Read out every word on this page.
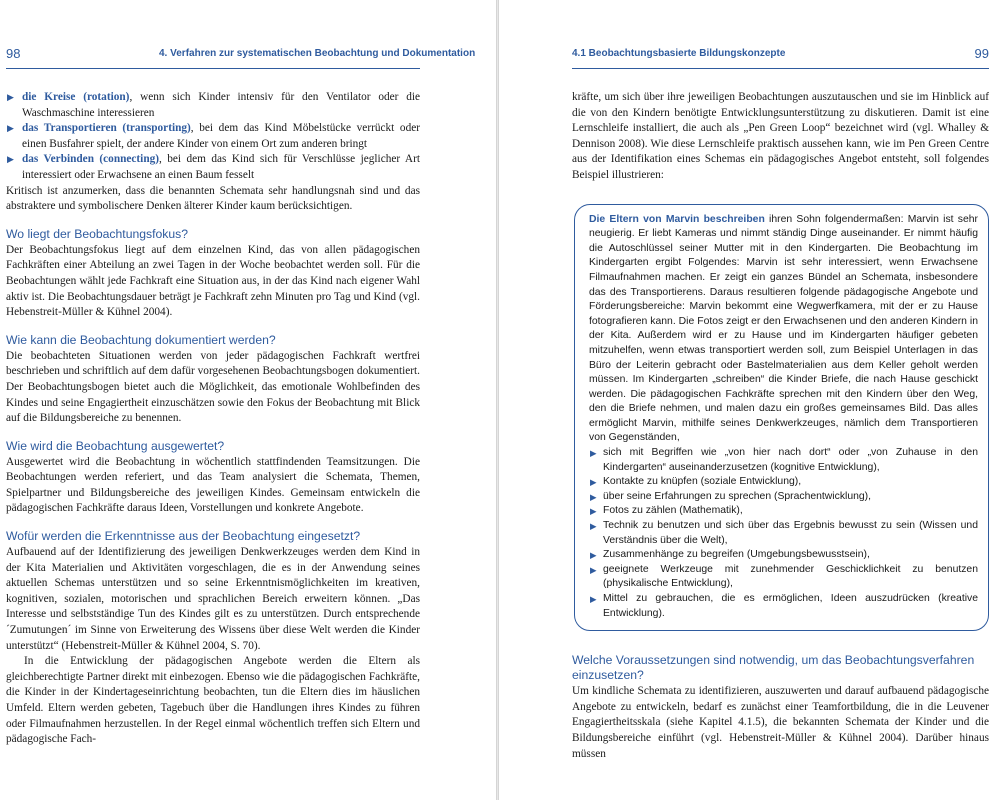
98	4. Verfahren zur systematischen Beobachtung und Dokumentation
▶ die Kreise (rotation), wenn sich Kinder intensiv für den Ventilator oder die Waschmaschine interessieren
▶ das Transportieren (transporting), bei dem das Kind Möbelstücke verrückt oder einen Busfahrer spielt, der andere Kinder von einem Ort zum anderen bringt
▶ das Verbinden (connecting), bei dem das Kind sich für Verschlüsse jeglicher Art interessiert oder Erwachsene an einen Baum fesselt

Kritisch ist anzumerken, dass die benannten Schemata sehr handlungsnah sind und das abstraktere und symbolischere Denken älterer Kinder kaum berücksichtigen.

Wo liegt der Beobachtungsfokus?

Der Beobachtungsfokus liegt auf dem einzelnen Kind, das von allen pädagogischen Fachkräften einer Abteilung an zwei Tagen in der Woche beobachtet werden soll. Für die Beobachtungen wählt jede Fachkraft eine Situation aus, in der das Kind nach eigener Wahl aktiv ist. Die Beobachtungsdauer beträgt je Fachkraft zehn Minuten pro Tag und Kind (vgl. Hebenstreit-Müller & Kühnel 2004).

Wie kann die Beobachtung dokumentiert werden?

Die beobachteten Situationen werden von jeder pädagogischen Fachkraft wertfrei beschrieben und schriftlich auf dem dafür vorgesehenen Beobachtungsbogen dokumentiert. Der Beobachtungsbogen bietet auch die Möglichkeit, das emotionale Wohlbefinden des Kindes und seine Engagiertheit einzuschätzen sowie den Fokus der Beobachtung mit Blick auf die Bildungsbereiche zu benennen.

Wie wird die Beobachtung ausgewertet?

Ausgewertet wird die Beobachtung in wöchentlich stattfindenden Teamsitzungen. Die Beobachtungen werden referiert, und das Team analysiert die Schemata, Themen, Spielpartner und Bildungsbereiche des jeweiligen Kindes. Gemeinsam entwickeln die pädagogischen Fachkräfte daraus Ideen, Vorstellungen und konkrete Angebote.

Wofür werden die Erkenntnisse aus der Beobachtung eingesetzt?

Aufbauend auf der Identifizierung des jeweiligen Denkwerkzeuges werden dem Kind in der Kita Materialien und Aktivitäten vorgeschlagen, die es in der Anwendung seines aktuellen Schemas unterstützen und so seine Erkenntnismöglichkeiten im kreativen, kognitiven, sozialen, motorischen und sprachlichen Bereich erweitern können. „Das Interesse und selbstständige Tun des Kindes gilt es zu unterstützen. Durch entsprechende ´Zumutungen´ im Sinne von Erweiterung des Wissens über diese Welt werden die Kinder unterstützt“ (Hebenstreit-Müller & Kühnel 2004, S. 70).

In die Entwicklung der pädagogischen Angebote werden die Eltern als gleichberechtigte Partner direkt mit einbezogen. Ebenso wie die pädagogischen Fachkräfte, die Kinder in der Kindertageseinrichtung beobachten, tun die Eltern dies im häuslichen Umfeld. Eltern werden gebeten, Tagebuch über die Handlungen ihres Kindes zu führen oder Filmaufnahmen herzustellen. In der Regel einmal wöchentlich treffen sich Eltern und pädagogische Fach-

4.1 Beobachtungsbasierte Bildungskonzepte	99

kräfte, um sich über ihre jeweiligen Beobachtungen auszutauschen und sie im Hinblick auf die von den Kindern benötigte Entwicklungsunterstützung zu diskutieren. Damit ist eine Lernschleife installiert, die auch als „Pen Green Loop“ bezeichnet wird (vgl. Whalley & Dennison 2008). Wie diese Lernschleife praktisch aussehen kann, wie im Pen Green Centre aus der Identifikation eines Schemas ein pädagogisches Angebot entsteht, soll folgendes Beispiel illustrieren:

Die Eltern von Marvin beschreiben ihren Sohn folgendermaßen: Marvin ist sehr neugierig. Er liebt Kameras und nimmt ständig Dinge auseinander. Er nimmt häufig die Autoschlüssel seiner Mutter mit in den Kindergarten. Die Beobachtung im Kindergarten ergibt Folgendes: Marvin ist sehr interessiert, wenn Erwachsene Filmaufnahmen machen. Er zeigt ein ganzes Bündel an Schemata, insbesondere das des Transportierens. Daraus resultieren folgende pädagogische Angebote und Förderungsbereiche: Marvin bekommt eine Wegwerfkamera, mit der er zu Hause fotografieren kann. Die Fotos zeigt er den Erwachsenen und den anderen Kindern in der Kita. Außerdem wird er zu Hause und im Kindergarten häufiger gebeten mitzuhelfen, wenn etwas transportiert werden soll, zum Beispiel Unterlagen in das Büro der Leiterin gebracht oder Bastelmaterialien aus dem Keller geholt werden müssen. Im Kindergarten „schreiben“ die Kinder Briefe, die nach Hause geschickt werden. Die pädagogischen Fachkräfte sprechen mit den Kindern über den Weg, den die Briefe nehmen, und malen dazu ein großes gemeinsames Bild. Das alles ermöglicht Marvin, mithilfe seines Denkwerkzeuges, nämlich dem Transportieren von Gegenständen,

▶ sich mit Begriffen wie „von hier nach dort“ oder „von Zuhause in den Kindergarten“ auseinanderzusetzen (kognitive Entwicklung),
▶ Kontakte zu knüpfen (soziale Entwicklung),
▶ über seine Erfahrungen zu sprechen (Sprachentwicklung),
▶ Fotos zu zählen (Mathematik),
▶ Technik zu benutzen und sich über das Ergebnis bewusst zu sein (Wissen und Verständnis über die Welt),
▶ Zusammenhänge zu begreifen (Umgebungsbewusstsein),
▶ geeignete Werkzeuge mit zunehmender Geschicklichkeit zu benutzen (physikalische Entwicklung),
▶ Mittel zu gebrauchen, die es ermöglichen, Ideen auszudrücken (kreative Entwicklung).
Welche Voraussetzungen sind notwendig, um das Beobachtungsverfahren einzusetzen?

Um kindliche Schemata zu identifizieren, auszuwerten und darauf aufbauend pädagogische Angebote zu entwickeln, bedarf es zunächst einer Teamfortbildung, die in die Leuvener Engagiertheitsskala (siehe Kapitel 4.1.5), die bekannten Schemata der Kinder und die Bildungsbereiche einführt (vgl. Hebenstreit-Müller & Kühnel 2004). Darüber hinaus müssen
